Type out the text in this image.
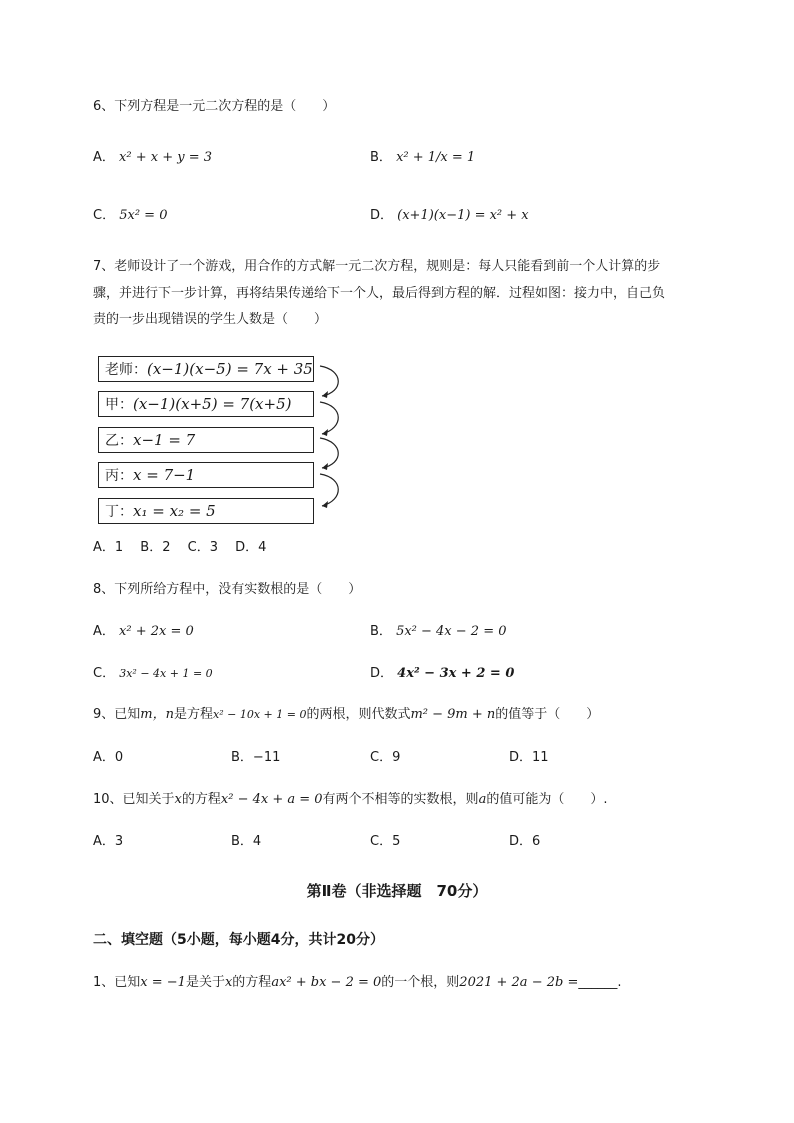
6、下列方程是一元二次方程的是（　　）
A． x² + x + y = 3	B． x² + 1/x = 1
C． 5x² = 0	D． (x+1)(x−1) = x² + x
7、老师设计了一个游戏，用合作的方式解一元二次方程，规则是：每人只能看到前一个人计算的步
骤，并进行下一步计算，再将结果传递给下一个人，最后得到方程的解．过程如图：接力中，自己负
责的一步出现错误的学生人数是（　　）
老师：(x−1)(x−5) = 7x + 35
甲：(x−1)(x+5) = 7(x+5)
乙：x−1 = 7
丙：x = 7−1
丁：x₁ = x₂ = 5
A．1　 B．2　 C．3　 D．4
8、下列所给方程中，没有实数根的是（　　）
A． x² + 2x = 0	B． 5x² − 4x − 2 = 0
C． 3x² − 4x + 1 = 0	D． 4x² − 3x + 2 = 0
9、已知m，n是方程x² − 10x + 1 = 0的两根，则代数式m² − 9m + n的值等于（　　）
A．0	B．−11	C．9	D．11
10、已知关于x的方程x² − 4x + a = 0有两个不相等的实数根，则a的值可能为（　　）.
A．3	B．4	C．5	D．6
第Ⅱ卷（非选择题　70分）
二、填空题（5小题，每小题4分，共计20分）
1、已知x = −1是关于x的方程ax² + bx − 2 = 0的一个根，则2021 + 2a − 2b =______.
